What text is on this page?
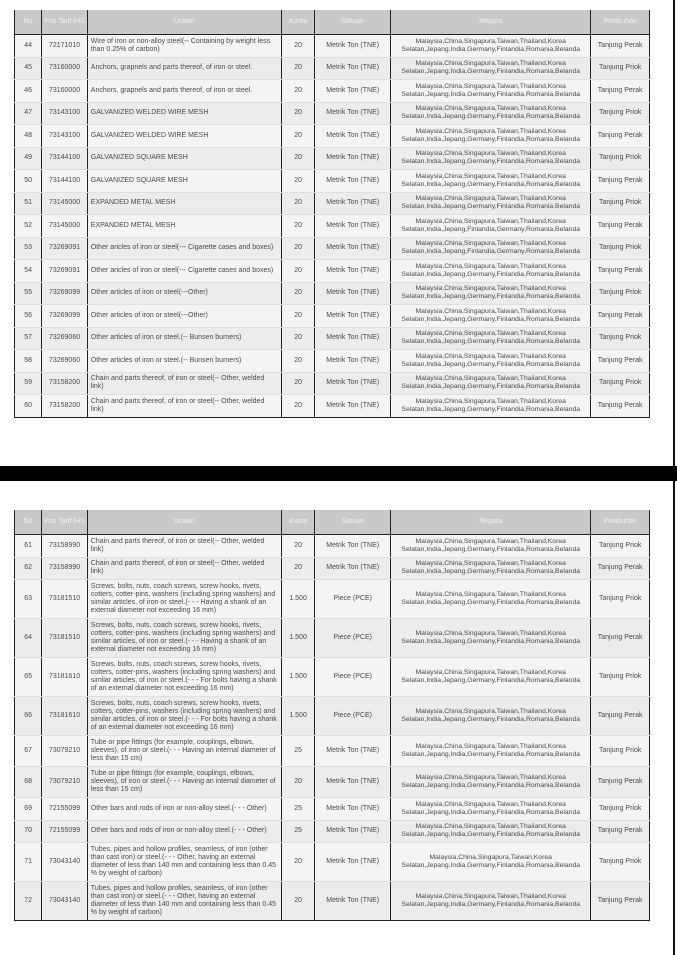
No	Pos Tarif /HS	Uraian	Kuota	Satuan	Negara	Pelabuhan
44	72171010	Wire of iron or non-alloy steel(-- Containing by weight less than 0.25% of carbon)	20	Metrik Ton (TNE)	Malaysia,China,Singapura,Taiwan,Thailand,Korea Selatan,Jepang,India,Germany,Finlandia,Romania,Belanda	Tanjung Perak
45	73160000	Anchors, grapnels and parts thereof, of iron or steel.	20	Metrik Ton (TNE)	Malaysia,China,Singapura,Taiwan,Thailand,Korea Selatan,Jepang,India,Germany,Finlandia,Romania,Belanda	Tanjung Priok
46	73160000	Anchors, grapnels and parts thereof, of iron or steel.	20	Metrik Ton (TNE)	Malaysia,China,Singapura,Taiwan,Thailand,Korea Selatan,Jepang,India,Germany,Finlandia,Romania,Belanda	Tanjung Perak
47	73143100	GALVANIZED WELDED WIRE MESH	20	Metrik Ton (TNE)	Malaysia,China,Singapura,Taiwan,Thailand,Korea Selatan,India,Jepang,Germany,Finlandia,Romania,Belanda	Tanjung Priok
48	73143100	GALVANIZED WELDED WIRE MESH	20	Metrik Ton (TNE)	Malaysia,China,Singapura,Taiwan,Thailand,Korea Selatan,India,Jepang,Germany,Finlandia,Romania,Belanda	Tanjung Perak
49	73144100	GALVANIZED SQUARE MESH	20	Metrik Ton (TNE)	Malaysia,China,Singapura,Taiwan,Thailand,Korea Selatan,India,Jepang,Germany,Finlandia,Romania,Belanda	Tanjung Priok
50	73144100	GALVANIZED SQUARE MESH	20	Metrik Ton (TNE)	Malaysia,China,Singapura,Taiwan,Thailand,Korea Selatan,India,Jepang,Germany,Finlandia,Romania,Belanda	Tanjung Perak
51	73145000	EXPANDED METAL MESH	20	Metrik Ton (TNE)	Malaysia,China,Singapura,Taiwan,Thailand,Korea Selatan,India,Jepang,Germany,Finlandia,Romania,Belanda	Tanjung Priok
52	73145000	EXPANDED METAL MESH	20	Metrik Ton (TNE)	Malaysia,China,Singapura,Taiwan,Thailand,Korea Selatan,India,Jepang,Finlandia,Germany,Romania,Belanda	Tanjung Perak
53	73269091	Other aricles of iron or steel(--- Cigarette cases and boxes)	20	Metrik Ton (TNE)	Malaysia,China,Singapura,Taiwan,Thailand,Korea Selatan,India,Jepang,Finlandia,Germany,Romania,Belanda	Tanjung Priok
54	73269091	Other aricles of iron or steel(--- Cigarette cases and boxes)	20	Metrik Ton (TNE)	Malaysia,China,Singapura,Taiwan,Thailand,Korea Selatan,India,Jepang,Germany,Finlandia,Romania,Belanda	Tanjung Perak
55	73269099	Other articles of iron or steel(---Other)	20	Metrik Ton (TNE)	Malaysia,China,Singapura,Taiwan,Thailand,Korea Selatan,India,Jepang,Germany,Finlandia,Romania,Belanda	Tanjung Priok
56	73269099	Other articles of iron or steel(---Other)	20	Metrik Ton (TNE)	Malaysia,China,Singapura,Taiwan,Thailand,Korea Selatan,India,Jepang,Germany,Finlandia,Romania,Belanda	Tanjung Perak
57	73269060	Other articles of iron or steel.(-- Bunsen burners)	20	Metrik Ton (TNE)	Malaysia,China,Singapura,Taiwan,Thailand,Korea Selatan,India,Jepang,Germany,Finlandia,Romania,Belanda	Tanjung Priok
58	73269060	Other articles of iron or steel.(-- Bunsen burners)	20	Metrik Ton (TNE)	Malaysia,China,Singapura,Taiwan,Thailand,Korea Selatan,India,Jepang,Germany,Finlandia,Romania,Belanda	Tanjung Perak
59	73158200	Chain and parts thereof, of iron or steel(-- Other, welded link)	20	Metrik Ton (TNE)	Malaysia,China,Singapura,Taiwan,Thailand,Korea Selatan,India,Jepang,Germany,Finlandia,Romania,Belanda	Tanjung Priok
60	73158200	Chain and parts thereof, of iron or steel(-- Other, welded link)	20	Metrik Ton (TNE)	Malaysia,China,Singapura,Taiwan,Thailand,Korea Selatan,India,Jepang,Germany,Finlandia,Romania,Belanda	Tanjung Perak
No	Pos Tarif /HS	Uraian	Kuota	Satuan	Negara	Pelabuhan
61	73158990	Chain and parts thereof, of iron or steel(-- Other, welded link)	20	Metrik Ton (TNE)	Malaysia,China,Singapura,Taiwan,Thailand,Korea Selatan,India,Jepang,Germany,Finlandia,Romania,Belanda	Tanjung Priok
62	73158990	Chain and parts thereof, of iron or steel(-- Other, welded link)	20	Metrik Ton (TNE)	Malaysia,China,Singapura,Taiwan,Thailand,Korea Selatan,India,Jepang,Germany,Finlandia,Romania,Belanda	Tanjung Perak
63	73181510	Screws, bolts, nuts, coach screws, screw hooks, rivets, cotters, cotter-pins, washers (including spring washers) and similar articles, of iron or steel.(- - - Having a shank of an external diameter not exceeding 16 mm)	1.500	Piece (PCE)	Malaysia,China,Singapura,Taiwan,Thailand,Korea Selatan,India,Jepang,Germany,Finlandia,Romania,Belanda	Tanjung Priok
64	73181510	Screws, bolts, nuts, coach screws, screw hooks, rivets, cotters, cotter-pins, washers (including spring washers) and similar articles, of iron or steel.(- - - Having a shank of an external diameter not exceeding 16 mm)	1.500	Piece (PCE)	Malaysia,China,Singapura,Taiwan,Thailand,Korea Selatan,India,Jepang,Germany,Finlandia,Romania,Belanda	Tanjung Perak
65	73181610	Screws, bolts, nuts, coach screws, screw hooks, rivets, cotters, cotter-pins, washers (including spring washers) and similar articles, of iron or steel.(- - - For bolts having a shank of an external diameter not exceeding 16 mm)	1.500	Piece (PCE)	Malaysia,China,Singapura,Taiwan,Thailand,Korea Selatan,India,Jepang,Germany,Finlandia,Romania,Belanda	Tanjung Priok
66	73181610	Screws, bolts, nuts, coach screws, screw hooks, rivets, cotters, cotter-pins, washers (including spring washers) and similar articles, of iron or steel.(- - - For bolts having a shank of an external diameter not exceeding 16 mm)	1.500	Piece (PCE)	Malaysia,China,Singapura,Taiwan,Thailand,Korea Selatan,India,Jepang,Germany,Finlandia,Romania,Belanda	Tanjung Perak
67	73079210	Tube or pipe fittings (for example, couplings, elbows, sleeves), of iron or steel.(- - - Having an internal diameter of less than 15 cm)	25	Metrik Ton (TNE)	Malaysia,China,Singapura,Taiwan,Thailand,Korea Selatan,Jepang,India,Germany,Finlandia,Romania,Belanda	Tanjung Priok
68	73079210	Tube or pipe fittings (for example, couplings, elbows, sleeves), of iron or steel.(- - - Having an internal diameter of less than 15 cm)	20	Metrik Ton (TNE)	Malaysia,China,Singapura,Taiwan,Thailand,Korea Selatan,Jepang,India,Germany,Finlandia,Romania,Belanda	Tanjung Perak
69	72155099	Other bars and rods of iron or non-alloy steel.(- - - Other)	25	Metrik Ton (TNE)	Malaysia,China,Singapura,Taiwan,Thailand,Korea Selatan,Jepang,India,Germany,Finlandia,Romania,Belanda	Tanjung Priok
70	72155099	Other bars and rods of iron or non-alloy steel.(- - - Other)	25	Metrik Ton (TNE)	Malaysia,China,Singapura,Taiwan,Thailand,Korea Selatan,Jepang,India,Germany,Finlandia,Romania,Belanda	Tanjung Perak
71	73043140	Tubes, pipes and hollow profiles, seamless, of iron (other than cast iron) or steel.(- - - Other, having an external diameter of less than 140 mm and containing less than 0.45 % by weight of carbon)	20	Metrik Ton (TNE)	Malaysia,China,Singapura,Taiwan,Korea Selatan,Jepang,India,Germany,Finlandia,Romania,Belanda	Tanjung Priok
72	73043140	Tubes, pipes and hollow profiles, seamless, of iron (other than cast iron) or steel.(- - - Other, having an external diameter of less than 140 mm and containing less than 0.45 % by weight of carbon)	20	Metrik Ton (TNE)	Malaysia,China,Singapura,Taiwan,Thailand,Korea Selatan,Jepang,India,Germany,Finlandia,Romania,Belanda	Tanjung Perak
